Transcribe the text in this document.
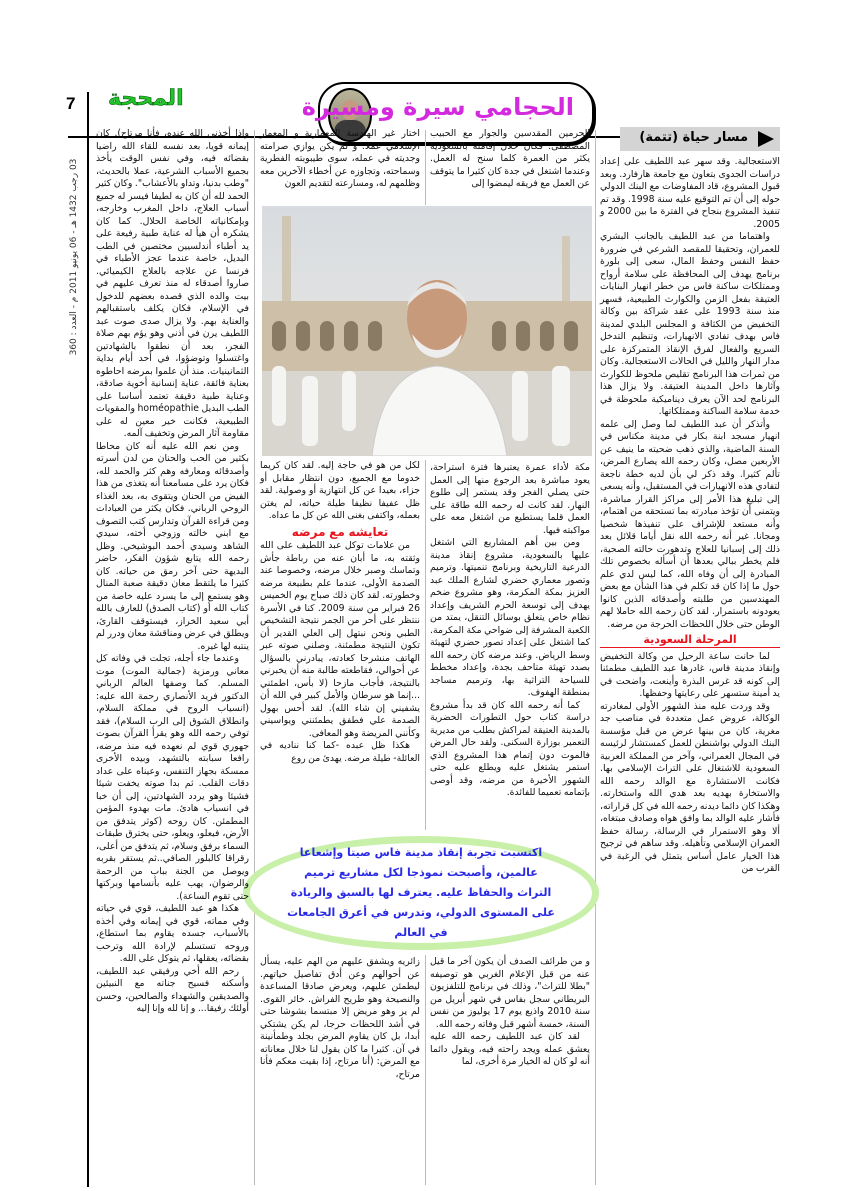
7 المحجة	الحجامي سيرة ومسيرة
03 رجب 1432 هـ - 06 يونيو 2011 م - العدد : 360
مسار حياة (تتمة)

الاستعجالية. وقد سهر عبد اللطيف على إعداد دراسات الجدوى بتعاون مع جامعة هارفارد. وبعد قبول المشروع، قاد المفاوضات مع البنك الدولي حوله إلى أن تم التوقيع عليه سنة 1998. وقد تم تنفيذ المشروع بنجاح في الفترة ما بين 2000 و 2005.

واهتماما من عبد اللطيف بالجانب البشري للعمران، وتحقيقا للمقصد الشرعي في ضرورة حفظ النفس وحفظ المال، سعى إلى بلورة برنامج يهدف إلى المحافظة على سلامة أرواح وممتلكات ساكنة فاس من خطر انهيار البنايات العتيقة بفعل الزمن والكوارث الطبيعية، فسهر منذ سنة 1993 على عقد شراكة بين وكالة التخفيض من الكثافة و المجلس البلدي لمدينة فاس بهدف تفادي الانهيارات، وتنظيم التدخل السريع والفعال لفرق الإنقاذ المتمركزة على مدار النهار والليل في الحالات الاستعجالية. وكان من ثمرات هذا البرنامج تقليص ملحوظ للكوارث وآثارها داخل المدينة العتيقة. ولا يزال هذا البرنامج لحد الآن يعرف ديناميكية ملحوظة في خدمة سلامة الساكنة وممتلكاتها.

وأتذكر أن عبد اللطيف لما وصل إلى علمه انهيار مسجد ابنة بكار في مدينة مكناس في السنة الماضية، والذي ذهب ضحيته ما ينيف عن الأربعين مصل، وكان رحمه الله يصارع المرض، تألم كثيرا. وقد ذكر لي بأن لديه خطة ناجعة لتفادي هذه الانهيارات في المستقبل، وأنه يسعى إلى تبليغ هذا الأمر إلى مراكز القرار مباشرة، ويتمنى أن تؤخذ مبادرته بما تستحقه من اهتمام، وأنه مستعد للإشراف على تنفيذها شخصيا ومجانا. غير أنه رحمه الله نقل أياما قلائل بعد ذلك إلى إسبانيا للعلاج وتدهورت حالته الصحية، فلم يخطر ببالي بعدها أن أسأله بخصوص تلك المبادرة إلى أن وفاه الله، كما ليس لدي علم حول ما إذا كان قد تكلم في هذا الشأن مع بعض المهندسين من طلبته وأصدقائه الذين كانوا يعودونه باستمرار. لقد كان رحمه الله حاملا لهم الوطن حتى خلال اللحظات الحرجة من مرضه.

المرحلة السعودية

لما حانت ساعة الرحيل من وكالة التخفيض وإنقاذ مدينة فاس، غادرها عبد اللطيف مطمئنا إلى كونه قد غرس البذرة وأينعت، واضحت في يد أمينة ستسهر على رعايتها وحفظها.

وقد وردت عليه منذ الشهور الأولى لمغادرته الوكالة، عروض عمل متعددة في مناصب جد مغرية، كان من بينها عرض من قبل مؤسسة البنك الدولي بواشنطن للعمل كمستشار لرئيسه في المجال العمراني، وآخر من المملكة العربية السعودية للاشتغال على التراث الإسلامي بها. فكانت الاستشارة مع الوالد رحمه الله والاستخارة بهديه بعد هدي الله واستخارته. وهكذا كان دائما ديدنه رحمه الله في كل قراراته، فأشار عليه الوالد بما وافق هواه وصادف مبتغاه، ألا وهو الاستمرار في الرسالة، رسالة حفظ العمران الإسلامي وتأهيله. وقد ساهم في ترجيح هذا الخيار عامل أساس يتمثل في الرغبة في القرب من

الحرمين المقدسين والجوار مع الحبيب المصطفى. فكان خلال إقامته بالسعودية يكثر من العمرة كلما سنح له العمل. وعندما اشتغل في جدة كان كثيرا ما يتوقف عن العمل مع فريقه ليمضوا إلى

اختار غير الهندسة المعمارية و المعمار الإسلامي عملا. و لم يكن يوازي صرامته وجديته في عمله، سوى طيبوبته الفطرية وسماحته، وتجاوزه عن أخطاء الآخرين معه وظلمهم له، ومسارعته لتقديم العون

مكة لأداء عمرة يعتبرها فترة استراحة، يعود مباشرة بعد الرجوع منها إلى العمل حتى يصلي الفجر وقد يستمر إلى طلوع النهار. لقد كانت له رحمه الله طاقة على العمل قلما يستطيع من اشتغل معه على مواكبته فيها.

ومن بين أهم المشاريع التي اشتغل عليها بالسعودية، مشروع إنقاذ مدينة الدرعية التاريخية وبرنامج تنميتها. وترميم وتصور معماري حضري لشارع الملك عبد العزيز بمكة المكرمة، وهو مشروع ضخم يهدف إلى توسعة الحرم الشريف وإعداد نظام خاص يتعلق بوسائل التنقل، يمتد من الكعبة المشرفة إلى ضواحي مكة المكرمة. كما اشتغل على إعداد تصور حضري لتهيئة وسط الرياض. وعند مرضه كان رحمه الله بصدد تهيئة متاحف بجدة، وإعداد مخطط للسياحة التراثية بها، وترميم مساجد بمنطقة الهفوف.

كما أنه رحمه الله كان قد بدأ مشروع دراسة كتاب حول التطورات الحضرية بالمدينة العتيقة لمراكش بطلب من مديرية التعمير بوزارة السكنى. ولقد حال المرض فالموت دون إتمام هذا المشروع الذي استمر يشتغل عليه ويطلع عليه حتى الشهور الأخيرة من مرضه، وقد أوصى بإتمامه تعميما للفائدة.

لكل من هو في حاجة إليه. لقد كان كريما خدوما مع الجميع، دون انتظار مقابل أو جزاء، بعيدا عن كل انتهازية أو وصولية. لقد ظل عفيفا نظيفا طيلة حياته، لم يغتن بعمله، واكتفى بغنى الله عن كل ما عداه.

تعايشه مع مرضه

من علامات توكل عبد اللطيف على الله وثقته به، ما أبان عنه من رباطة جأش وتماسك وصبر خلال مرضه، وخصوصا عند الصدمة الأولى، عندما علم بطبيعة مرضه وخطورته. لقد كان ذلك صباح يوم الخميس 26 فبراير من سنة 2009. كنا في الأسرة ننتظر على أحر من الجمر نتيجة التشخيص الطبي ونحن نبتهل إلى العلي القدير أن تكون النتيجة مطمئنة. وصلني صوته عبر الهاتف منشرحا كعادته، يبادرني بالسؤال عن أحوالي، فقاطعته طالبة منه أن يخبرني بالنتيجة، فأجاب مازحا (لا بأس، اطمئني ...إنما هو سرطان والأمل كبير في الله أن يشفيني إن شاء الله). لقد أحس بهول الصدمة علي فطفق يطمئنني ويواسيني وكأنني المريضة وهو المعافى.

هكذا ظل عبده -كما كنا نناديه في العائلة- طيلة مرضه. يهدئ من روع

اكتسبت تجربة إنقاذ مدينة فاس صيتا وإشعاعا عالمين، وأصبحت نموذجا لكل مشاريع ترميم التراث والحفاظ عليه. يعترف لها بالسبق والريادة على المستوى الدولي، وتدرس في أعرق الجامعات في العالم

و من طرائف الصدف أن يكون آخر ما قيل عنه من قبل الإعلام الغربي هو توصيفه "بطلا للتراث"، وذلك في برنامج للتلفزيون البريطاني سجل بفاس في شهر أبريل من سنة 2010 واذيع يوم 17 يوليوز من نفس السنة، خمسة أشهر قبل وفاته رحمه الله.

لقد كان عبد اللطيف رحمه الله عليه يعشق عمله ويجد راحته فيه، ويقول دائما أنه لو كان له الخيار مرة أخرى، لما

زائريه ويشفق عليهم من الهم عليه، يسأل عن أحوالهم وعن أدق تفاصيل حياتهم. ليطمئن عليهم، ويعرض صادقا المساعدة والنصيحة وهو طريح الفراش. خائر القوى. لم ير وهو مريض إلا مبتسما بشوشا حتى في أشد اللحظات حرجا، لم يكن يشتكي أبدا، بل كان يقاوم المرض بجلد وطمأنينة في آن. كثيرا ما كان يقول لنا خلال معاناته مع المرض: (أنا مرتاح، إذا بقيت معكم فأنا مرتاح،

وإذا أخذني الله عنده، فأنا مرتاح). كان إيمانه قويا، بعد نفسه للقاء الله راضيا بقضائه فيه، وفي نفس الوقت يأخذ بجميع الأسباب الشرعية، عملا بالحديث، "وطب بدنيا، وتداو بالأعشاب". وكان كثير الحمد لله أن كان به لطيفا فيسر له جميع أسباب العلاج، داخل المغرب وخارجه، وبإمكانياته الخاصة الحلال. كما كان يشكره أن هيأ له عناية طبية رفيعة على يد أطباء أندلسيين مختصين في الطب البديل، خاصة عندما عجز الأطباء في فرنسا عن علاجه بالعلاج الكيميائي. صاروا أصدقاء له منذ تعرف عليهم في بيت والده الذي قصده بعضهم للدخول في الإسلام، فكان يكلف باستقبالهم والعناية بهم. ولا يزال صدى صوت عبد اللطيف يرن في أذني وهو يؤم بهم صلاة الفجر، بعد أن نطقوا بالشهادتين واغتسلوا وتوضؤوا، في أحد أيام بداية الثمانينيات. منذ أن علموا بمرضه احاطوه بعناية فائقة، عناية إنسانية أخوية صادقة، وعناية طبية دقيقة تعتمد أساسا على الطب البديل homéopathie والمقويات الطبيعية، فكانت خير معين له على مقاومة آثار المرض وتخفيف آلمه.

ومن نعم الله عليه أنه كان محاطا بكثير من الحب والحنان من لدن أسرته وأصدقائه ومعارفه وهم كثر والحمد لله، فكان يرد على مسامعنا أنه يتغذى من هذا الفيض من الحنان ويتقوى به، بعد الغذاء الروحي الرباني. فكان يكثر من العبادات ومن قراءة القرآن وتدارس كتب التصوف مع ابني خالته وزوجي أخته، سيدي الشاهد وسيدي أحمد البوشيخي. وظل رحمه الله يتابع شؤون الفكر، حاضر البديهة حتى آخر رمق من حياته. كان كثيرا ما يلتقط معان دقيقة صعبة المنال وهو يستمع إلى ما يسرد عليه خاصة من كتاب الله أو (كتاب الصدق) للعارف بالله أبي سعيد الخراز، فيستوقف القارئ، ويطلق في عرض ومناقشة معان ودرر لم ينتبه لها غيره.

وعندما جاء أجله، تجلت في وفاته كل معاني ورمزية (جمالية الموت) موت المسلم. كما وصفها العالم الرباني الدكتور فريد الأنصاري رحمة الله عليه: (انسياب الروح في مملكة السلام، وانطلاق الشوق إلى الرب السلام)، فقد توفي رحمه الله وهو يقرأ القرآن بصوت جهوري قوي لم نعهده فيه منذ مرضه، رافعا سبابته بالتشهد، وبيده الأخرى ممسكة بجهاز التنفس، وعيناه على عداد دقات القلب. ثم بدا صوته يخفت شيئا فشيئا وهو يردد الشهادتين، إلى أن خبا في انسياب هادئ. مات بهدوء المؤمن المطمئن. كان روحه (كوثر يتدفق من الأرض، فيعلو، ويعلو، حتى يخترق طبقات السماء برفق وسلام، ثم يتدفق من أعلى، رقراقا كالبلور الصافي..ثم يستقر بقربه ويوصل من الجنة بباب من الرحمة والرضوان، يهب عليه بأنسامها وبركتها حتى تقوم الساعة).

هكذا هو عبد اللطيف، قوي في حياته وفي مماته، قوي في إيمانه وفي أخذه بالأسباب، جسده يقاوم بما استطاع، وروحه تستسلم لإرادة الله وترحب بقضائه، يعقلها، ثم يتوكل على الله.

رحم الله أخي ورفيقي عبد اللطيف، وأسكنه فسيح جناته مع النبيئين والصديقين والشهداء والصالحين، وحسن أولئك رفيقا... و إنا لله وإنا إليه
